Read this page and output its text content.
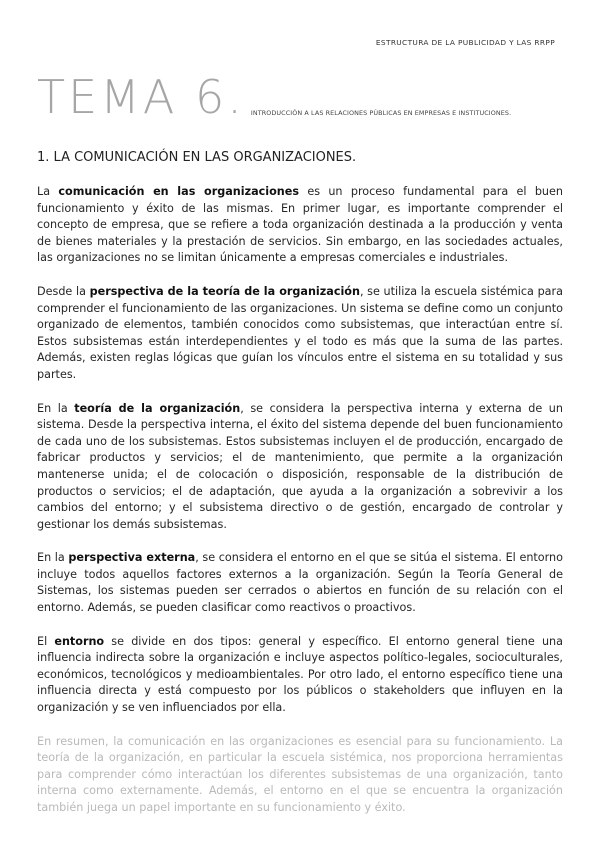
ESTRUCTURA DE LA PUBLICIDAD Y LAS RRPP
TEMA 6. INTRODUCCIÓN A LAS RELACIONES PÚBLICAS EN EMPRESAS E INSTITUCIONES.
1. LA COMUNICACIÓN EN LAS ORGANIZACIONES.

La comunicación en las organizaciones es un proceso fundamental para el buen funcionamiento y éxito de las mismas. En primer lugar, es importante comprender el concepto de empresa, que se refiere a toda organización destinada a la producción y venta de bienes materiales y la prestación de servicios. Sin embargo, en las sociedades actuales, las organizaciones no se limitan únicamente a empresas comerciales e industriales.

Desde la perspectiva de la teoría de la organización, se utiliza la escuela sistémica para comprender el funcionamiento de las organizaciones. Un sistema se define como un conjunto organizado de elementos, también conocidos como subsistemas, que interactúan entre sí. Estos subsistemas están interdependientes y el todo es más que la suma de las partes. Además, existen reglas lógicas que guían los vínculos entre el sistema en su totalidad y sus partes.

En la teoría de la organización, se considera la perspectiva interna y externa de un sistema. Desde la perspectiva interna, el éxito del sistema depende del buen funcionamiento de cada uno de los subsistemas. Estos subsistemas incluyen el de producción, encargado de fabricar productos y servicios; el de mantenimiento, que permite a la organización mantenerse unida; el de colocación o disposición, responsable de la distribución de productos o servicios; el de adaptación, que ayuda a la organización a sobrevivir a los cambios del entorno; y el subsistema directivo o de gestión, encargado de controlar y gestionar los demás subsistemas.

En la perspectiva externa, se considera el entorno en el que se sitúa el sistema. El entorno incluye todos aquellos factores externos a la organización. Según la Teoría General de Sistemas, los sistemas pueden ser cerrados o abiertos en función de su relación con el entorno. Además, se pueden clasificar como reactivos o proactivos.

El entorno se divide en dos tipos: general y específico. El entorno general tiene una influencia indirecta sobre la organización e incluye aspectos político-legales, socioculturales, económicos, tecnológicos y medioambientales. Por otro lado, el entorno específico tiene una influencia directa y está compuesto por los públicos o stakeholders que influyen en la organización y se ven influenciados por ella.

En resumen, la comunicación en las organizaciones es esencial para su funcionamiento. La teoría de la organización, en particular la escuela sistémica, nos proporciona herramientas para comprender cómo interactúan los diferentes subsistemas de una organización, tanto interna como externamente. Además, el entorno en el que se encuentra la organización también juega un papel importante en su funcionamiento y éxito.
